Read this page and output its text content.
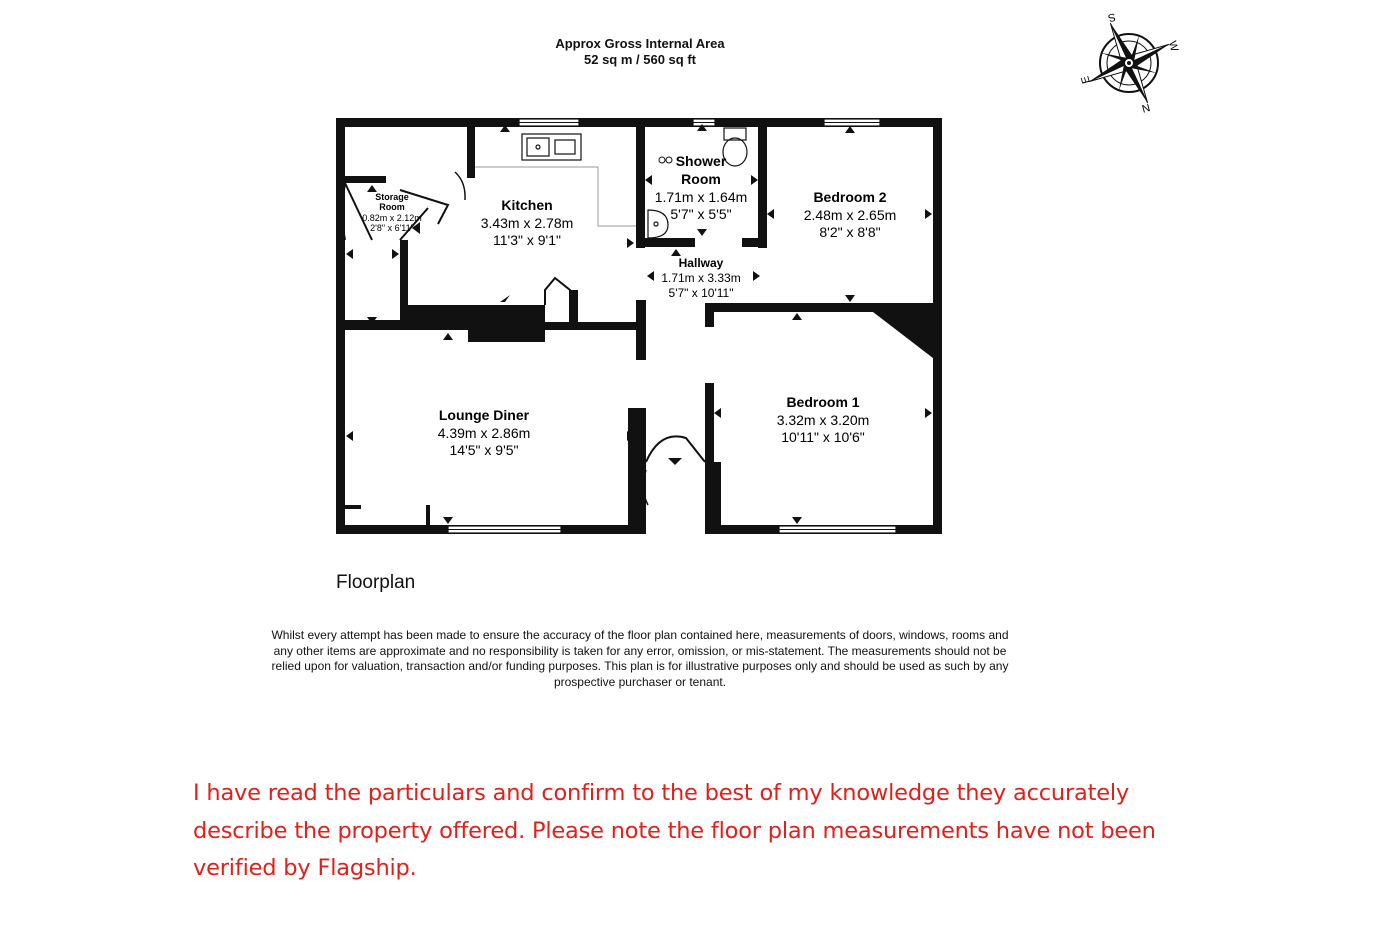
Approx Gross Internal Area
52 sq m / 560 sq ft
S
W
N
E
Storage
Room
0.82m x 2.12m
2'8" x 6'11"
Kitchen
3.43m x 2.78m
11'3" x 9'1"
Shower
Room
1.71m x 1.64m
5'7" x 5'5"
Bedroom 2
2.48m x 2.65m
8'2" x 8'8"
Hallway
1.71m x 3.33m
5'7" x 10'11"
Lounge Diner
4.39m x 2.86m
14'5" x 9'5"
Bedroom 1
3.32m x 3.20m
10'11" x 10'6"
Floorplan
Whilst every attempt has been made to ensure the accuracy of the floor plan contained here, measurements of doors, windows, rooms and
any other items are approximate and no responsibility is taken for any error, omission, or mis-statement. The measurements should not be
relied upon for valuation, transaction and/or funding purposes. This plan is for illustrative purposes only and should be used as such by any
prospective purchaser or tenant.
I have read the particulars and confirm to the best of my knowledge they accurately
describe the property offered. Please note the floor plan measurements have not been
verified by Flagship.
